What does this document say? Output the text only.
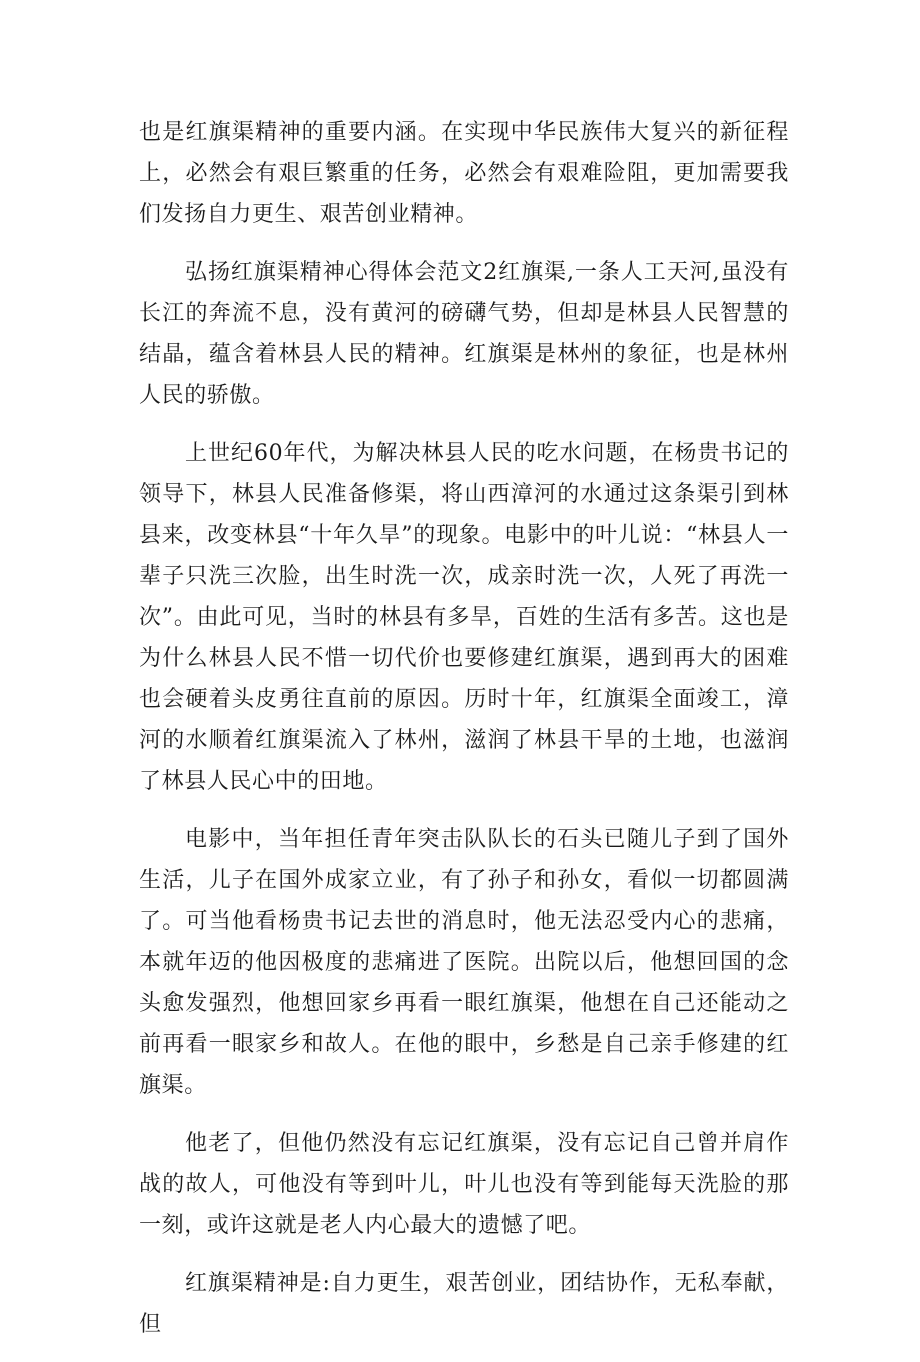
也是红旗渠精神的重要内涵。在实现中华民族伟大复兴的新征程上，必然会有艰巨繁重的任务，必然会有艰难险阻，更加需要我们发扬自力更生、艰苦创业精神。

弘扬红旗渠精神心得体会范文2红旗渠,一条人工天河,虽没有长江的奔流不息，没有黄河的磅礴气势，但却是林县人民智慧的结晶，蕴含着林县人民的精神。红旗渠是林州的象征，也是林州人民的骄傲。

上世纪60年代，为解决林县人民的吃水问题，在杨贵书记的领导下，林县人民准备修渠，将山西漳河的水通过这条渠引到林县来，改变林县“十年久旱”的现象。电影中的叶儿说：“林县人一辈子只洗三次脸，出生时洗一次，成亲时洗一次，人死了再洗一次”。由此可见，当时的林县有多旱，百姓的生活有多苦。这也是为什么林县人民不惜一切代价也要修建红旗渠，遇到再大的困难也会硬着头皮勇往直前的原因。历时十年，红旗渠全面竣工，漳河的水顺着红旗渠流入了林州，滋润了林县干旱的土地，也滋润了林县人民心中的田地。

电影中，当年担任青年突击队队长的石头已随儿子到了国外生活，儿子在国外成家立业，有了孙子和孙女，看似一切都圆满了。可当他看杨贵书记去世的消息时，他无法忍受内心的悲痛，本就年迈的他因极度的悲痛进了医院。出院以后，他想回国的念头愈发强烈，他想回家乡再看一眼红旗渠，他想在自己还能动之前再看一眼家乡和故人。在他的眼中，乡愁是自己亲手修建的红旗渠。

他老了，但他仍然没有忘记红旗渠，没有忘记自己曾并肩作战的故人，可他没有等到叶儿，叶儿也没有等到能每天洗脸的那一刻，或许这就是老人内心最大的遗憾了吧。

红旗渠精神是:自力更生，艰苦创业，团结协作，无私奉献，但
